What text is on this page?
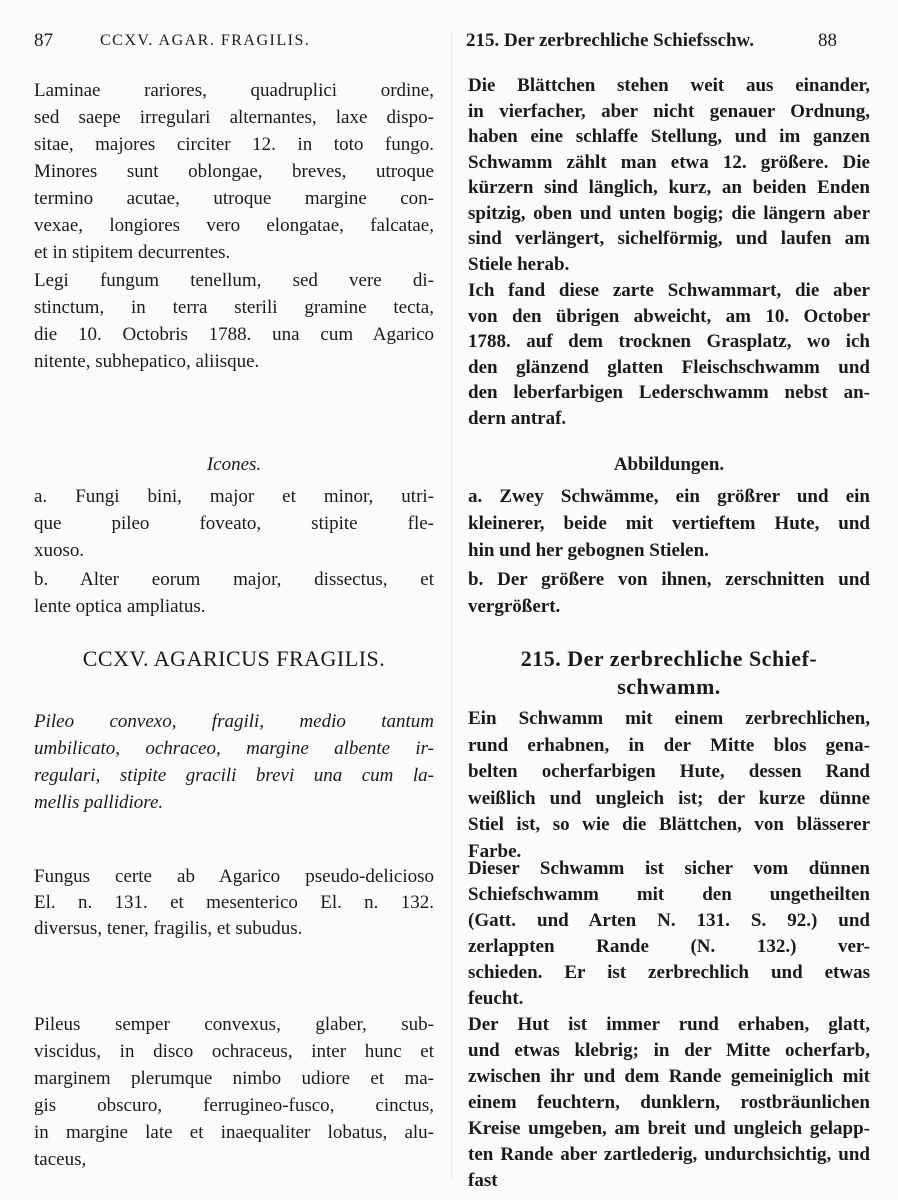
87	CCXV. AGAR. FRAGILIS.	215. Der zerbrechliche Schiefsschw.	88
Laminae rariores, quadruplici ordine,
sed saepe irregulari alternantes, laxe dispo-
sitae, majores circiter 12. in toto fungo.
Minores sunt oblongae, breves, utroque
termino acutae, utroque margine con-
vexae, longiores vero elongatae, falcatae,
et in stipitem decurrentes.
Legi fungum tenellum, sed vere di-
stinctum, in terra sterili gramine tecta,
die 10. Octobris 1788. una cum Agarico
nitente, subhepatico, aliisque.
Icones.
a. Fungi bini, major et minor, utri-
que pileo foveato, stipite fle-
xuoso.
b. Alter eorum major, dissectus, et
lente optica ampliatus.
CCXV. AGARICUS FRAGILIS.
Pileo convexo, fragili, medio tantum
umbilicato, ochraceo, margine albente ir-
regulari, stipite gracili brevi una cum la-
mellis pallidiore.
Fungus certe ab Agarico pseudo-delicioso
El. n. 131. et mesenterico El. n. 132.
diversus, tener, fragilis, et subudus.
Pileus semper convexus, glaber, sub-
viscidus, in disco ochraceus, inter hunc et
marginem plerumque nimbo udiore et ma-
gis obscuro, ferrugineo-fusco, cinctus,
in margine late et inaequaliter lobatus, alu-
taceus,
Die Blättchen stehen weit aus einander,
in vierfacher, aber nicht genauer Ordnung,
haben eine schlaffe Stellung, und im ganzen
Schwamm zählt man etwa 12. größere. Die
kürzern sind länglich, kurz, an beiden Enden
spitzig, oben und unten bogig; die längern aber
sind verlängert, sichelförmig, und laufen am
Stiele herab.
Ich fand diese zarte Schwammart, die aber
von den übrigen abweicht, am 10. October
1788. auf dem trocknen Grasplatz, wo ich
den glänzend glatten Fleischschwamm und
den leberfarbigen Lederschwamm nebst an-
dern antraf.
Abbildungen.
a. Zwey Schwämme, ein größrer und ein
kleinerer, beide mit vertieftem Hute, und
hin und her gebognen Stielen.
b. Der größere von ihnen, zerschnitten und
vergrößert.
215. Der zerbrechliche Schief-
schwamm.
Ein Schwamm mit einem zerbrechlichen,
rund erhabnen, in der Mitte blos gena-
belten ocherfarbigen Hute, dessen Rand
weißlich und ungleich ist; der kurze dünne
Stiel ist, so wie die Blättchen, von blässerer
Farbe.
Dieser Schwamm ist sicher vom dünnen
Schiefschwamm mit den ungetheilten
(Gatt. und Arten N. 131. S. 92.) und
zerlappten Rande (N. 132.) ver-
schieden. Er ist zerbrechlich und etwas
feucht.
Der Hut ist immer rund erhaben, glatt,
und etwas klebrig; in der Mitte ocherfarb,
zwischen ihr und dem Rande gemeiniglich mit
einem feuchtern, dunklern, rostbräunlichen
Kreise umgeben, am breit und ungleich gelapp-
ten Rande aber zartlederig, undurchsichtig, und
fast
